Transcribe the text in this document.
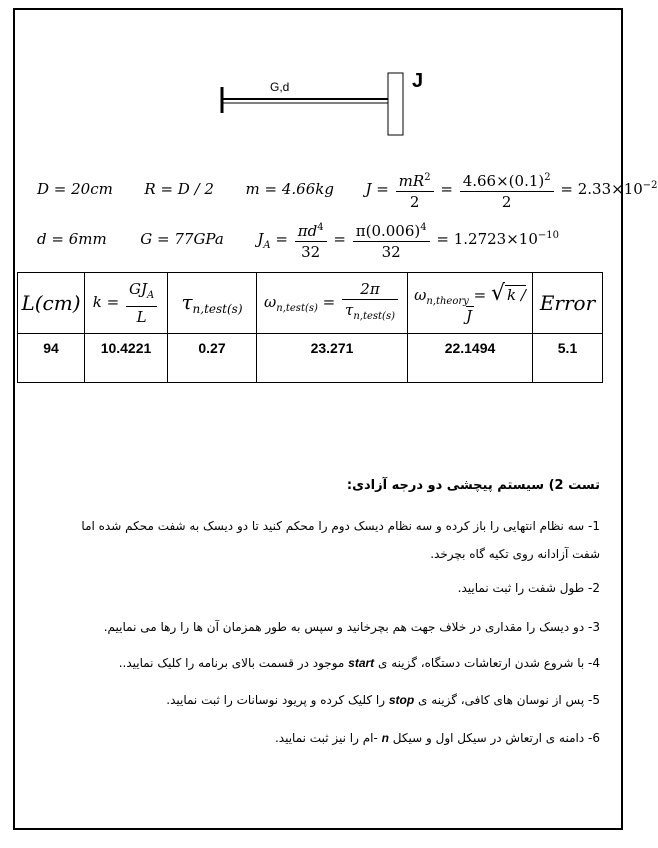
G,d	J
D = 20cm R = D / 2 m = 4.66kg $J = \frac{mR^2}{2} = \frac{4.66\times(0.1)^2}{2} = 2.33\times 10^{-2}$
d = 6mm G = 77GPa $J_A = \frac{\pi d^4}{32} = \frac{\pi(0.006)^4}{32} = 1.2723\times 10^{-10}$
L(cm)	$k = \frac{GJ_A}{L}$	$\tau_{n,test(s)}$	$\omega_{n,test(s)} = \frac{2\pi}{\tau_{n,test(s)}}$	$\omega_{n,theory}$ = √ k / J	Error
94	10.4221	0.27	23.271	22.1494	5.1
تست 2) سیستم پیچشی دو درجه آزادی:
1- سه نظام انتهایی را باز کرده و سه نظام دیسک دوم را محکم کنید تا دو دیسک به شفت محکم شده اما شفت آزادانه روی تکیه گاه بچرخد.
2- طول شفت را ثبت نمایید.
3- دو دیسک را مقداری در خلاف جهت هم بچرخانید و سپس به طور همزمان آن ها را رها می نماییم.
4- با شروع شدن ارتعاشات دستگاه، گزینه ی start موجود در قسمت بالای برنامه را کلیک نمایید..
5- پس از نوسان های کافی، گزینه ی stop را کلیک کرده و پریود نوسانات را ثبت نمایید.
6- دامنه ی ارتعاش در سیکل اول و سیکل n -ام را نیز ثبت نمایید.
